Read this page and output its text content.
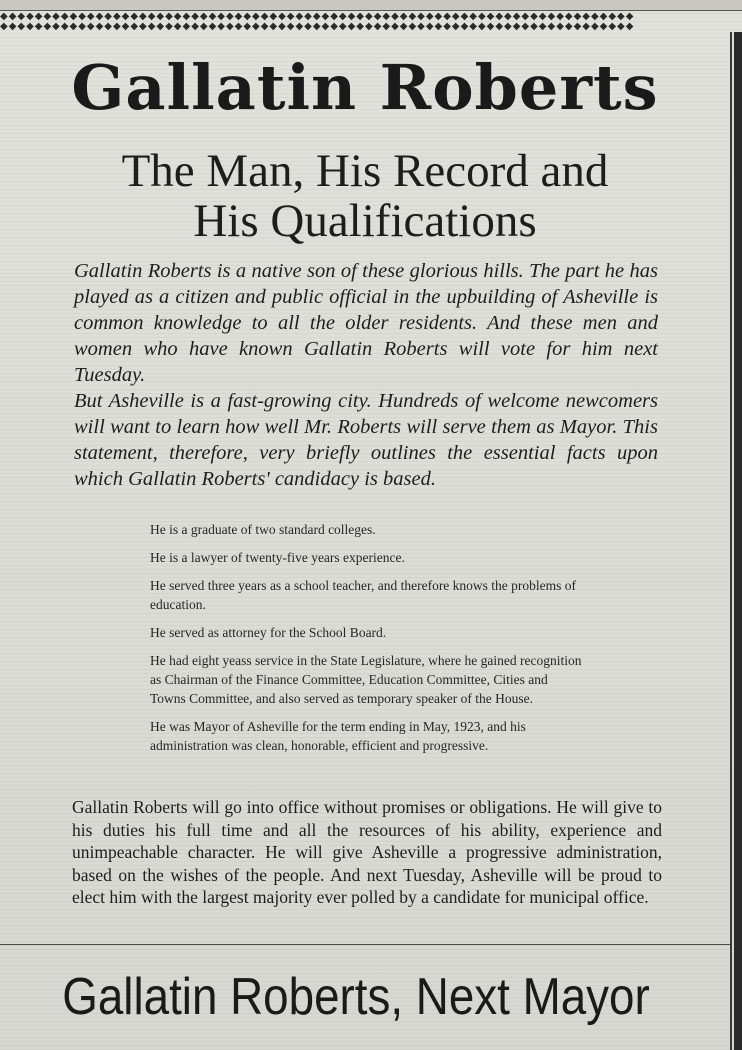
◆◆◆◆◆◆◆◆◆◆◆◆◆◆◆◆◆◆◆◆◆◆◆◆◆◆◆◆◆◆◆◆◆◆◆◆◆◆◆◆◆◆◆◆◆◆◆◆◆◆◆◆◆◆◆◆◆◆◆◆◆◆◆◆◆◆◆◆◆◆◆◆◆
◆◆◆◆◆◆◆◆◆◆◆◆◆◆◆◆◆◆◆◆◆◆◆◆◆◆◆◆◆◆◆◆◆◆◆◆◆◆◆◆◆◆◆◆◆◆◆◆◆◆◆◆◆◆◆◆◆◆◆◆◆◆◆◆◆◆◆◆◆◆◆◆◆
Gallatin Roberts
The Man, His Record and
His Qualifications
Gallatin Roberts is a native son of these glorious hills. The part he has played as a citizen and public official in the upbuilding of Asheville is common knowledge to all the older residents. And these men and women who have known Gallatin Roberts will vote for him next Tuesday.
But Asheville is a fast-growing city. Hundreds of welcome newcomers will want to learn how well Mr. Roberts will serve them as Mayor. This statement, therefore, very briefly outlines the essential facts upon which Gallatin Roberts' candidacy is based.

He is a graduate of two standard colleges.

He is a lawyer of twenty-five years experience.

He served three years as a school teacher, and therefore knows the problems of education.

He served as attorney for the School Board.

He had eight yeass service in the State Legislature, where he gained recognition as Chairman of the Finance Committee, Education Committee, Cities and Towns Committee, and also served as temporary speaker of the House.

He was Mayor of Asheville for the term ending in May, 1923, and his administration was clean, honorable, efficient and progressive.

Gallatin Roberts will go into office without promises or obligations. He will give to his duties his full time and all the resources of his ability, experience and unimpeachable character. He will give Asheville a progressive administration, based on the wishes of the people. And next Tuesday, Asheville will be proud to elect him with the largest majority ever polled by a candidate for municipal office.
Gallatin Roberts, Next Mayor
